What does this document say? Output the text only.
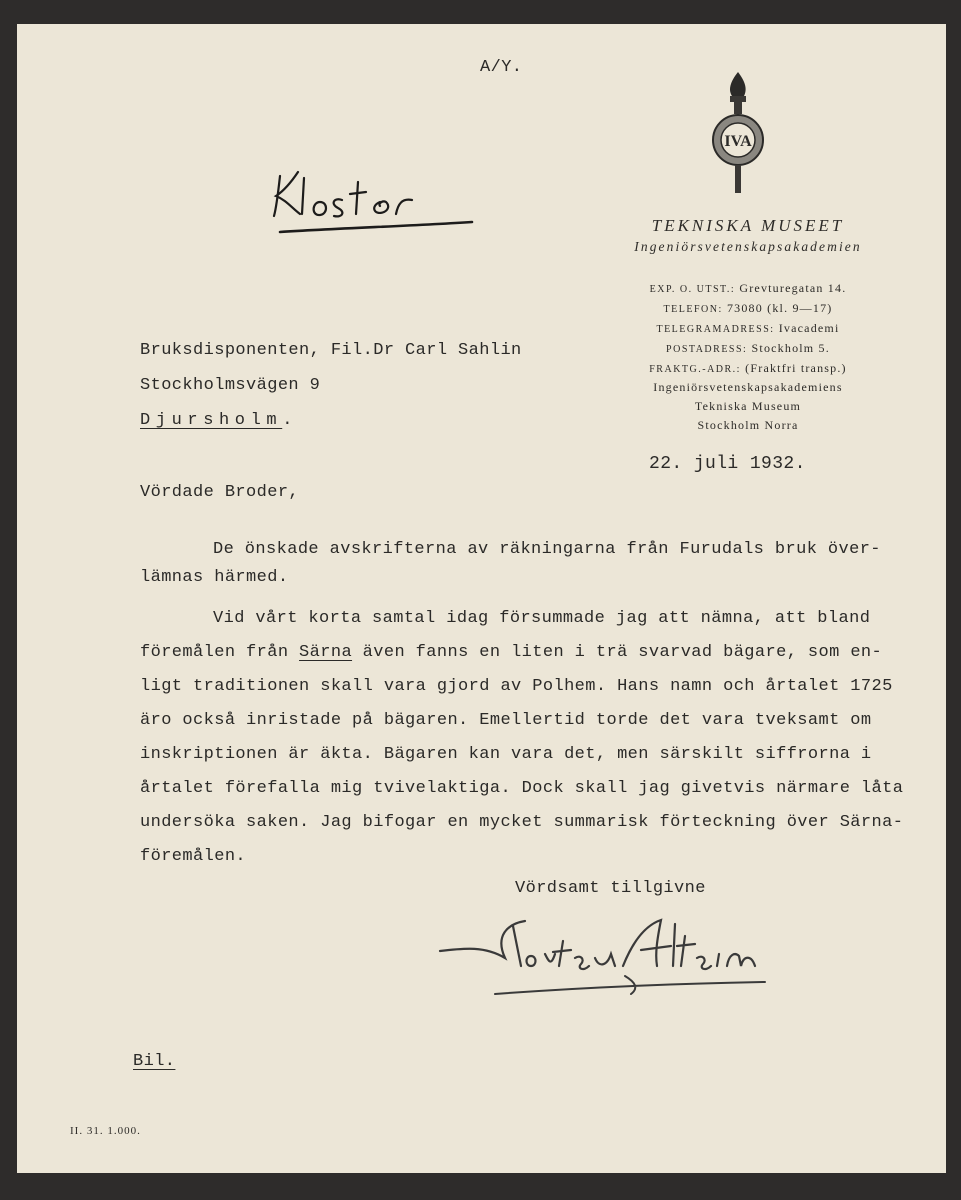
A/Y.
IVA
TEKNISKA MUSEET
Ingeniörsvetenskapsakademien
EXP. O. UTST.: Grevturegatan 14.
TELEFON: 73080 (kl. 9—17)
TELEGRAMADRESS: Ivacademi
POSTADRESS: Stockholm 5.
FRAKTG.-ADR.: (Fraktfri transp.)
Ingeniörsvetenskapsakademiens
Tekniska Museum
Stockholm Norra
22. juli 1932.
Bruksdisponenten, Fil.Dr Carl Sahlin
Stockholmsvägen 9
Djursholm.
Vördade Broder,
De önskade avskrifterna av räkningarna från Furudals bruk över-
lämnas härmed.
Vid vårt korta samtal idag försummade jag att nämna, att bland
föremålen från Särna även fanns en liten i trä svarvad bägare, som en-
ligt traditionen skall vara gjord av Polhem. Hans namn och årtalet 1725
äro också inristade på bägaren. Emellertid torde det vara tveksamt om
inskriptionen är äkta. Bägaren kan vara det, men särskilt siffrorna i
årtalet förefalla mig tvivelaktiga. Dock skall jag givetvis närmare låta
undersöka saken. Jag bifogar en mycket summarisk förteckning över Särna-
föremålen.
Vördsamt tillgivne
Bil.
II. 31. 1.000.
